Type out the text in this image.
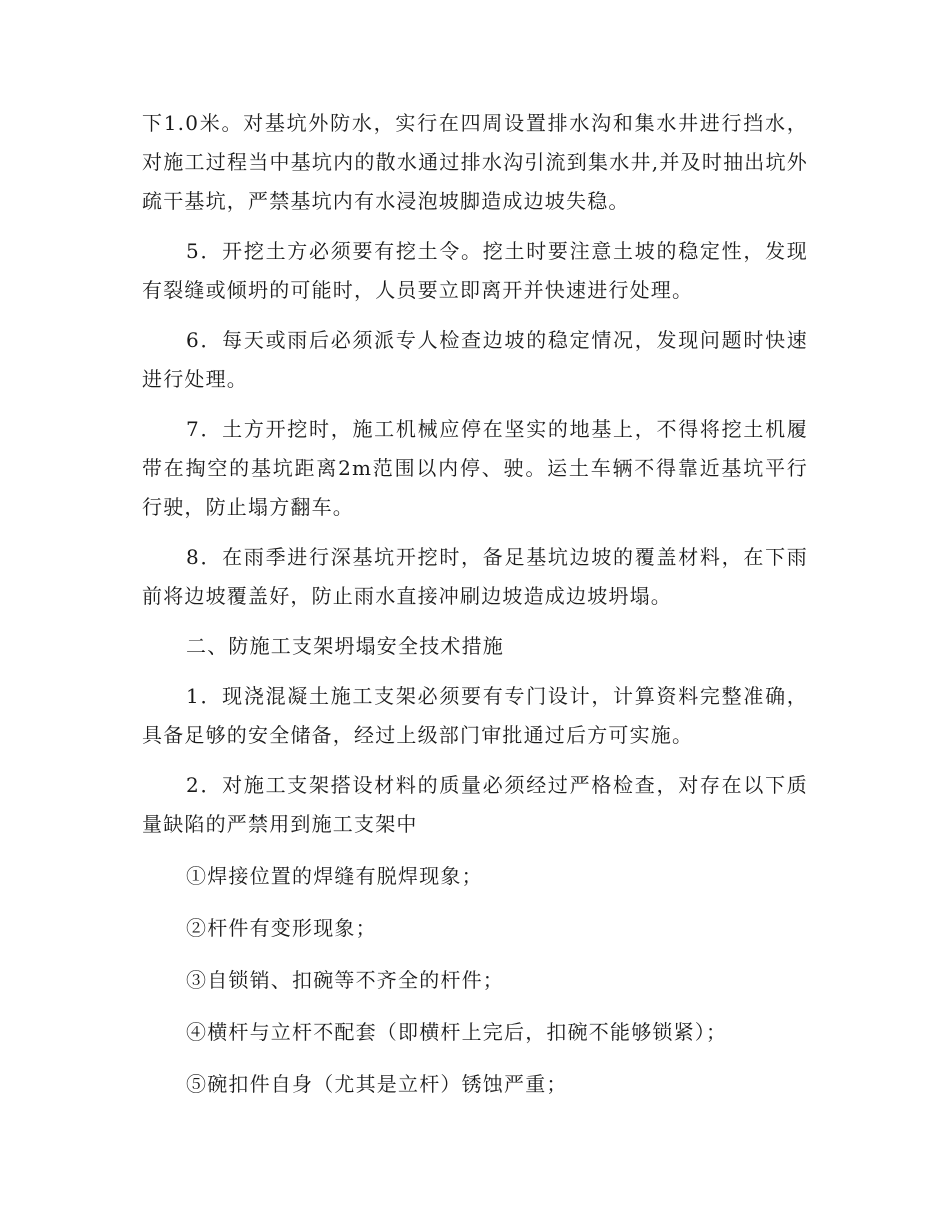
下1.0米。对基坑外防水，实行在四周设置排水沟和集水井进行挡水，对施工过程当中基坑内的散水通过排水沟引流到集水井,并及时抽出坑外疏干基坑，严禁基坑内有水浸泡坡脚造成边坡失稳。

5．开挖土方必须要有挖土令。挖土时要注意土坡的稳定性，发现有裂缝或倾坍的可能时，人员要立即离开并快速进行处理。

6．每天或雨后必须派专人检查边坡的稳定情况，发现问题时快速进行处理。

7．土方开挖时，施工机械应停在坚实的地基上，不得将挖土机履带在掏空的基坑距离2m范围以内停、驶。运土车辆不得靠近基坑平行行驶，防止塌方翻车。

8．在雨季进行深基坑开挖时，备足基坑边坡的覆盖材料，在下雨前将边坡覆盖好，防止雨水直接冲刷边坡造成边坡坍塌。

二、防施工支架坍塌安全技术措施

1．现浇混凝土施工支架必须要有专门设计，计算资料完整准确，具备足够的安全储备，经过上级部门审批通过后方可实施。

2．对施工支架搭设材料的质量必须经过严格检查，对存在以下质量缺陷的严禁用到施工支架中

①焊接位置的焊缝有脱焊现象；

②杆件有变形现象；

③自锁销、扣碗等不齐全的杆件；

④横杆与立杆不配套（即横杆上完后，扣碗不能够锁紧）；

⑤碗扣件自身（尤其是立杆）锈蚀严重；
